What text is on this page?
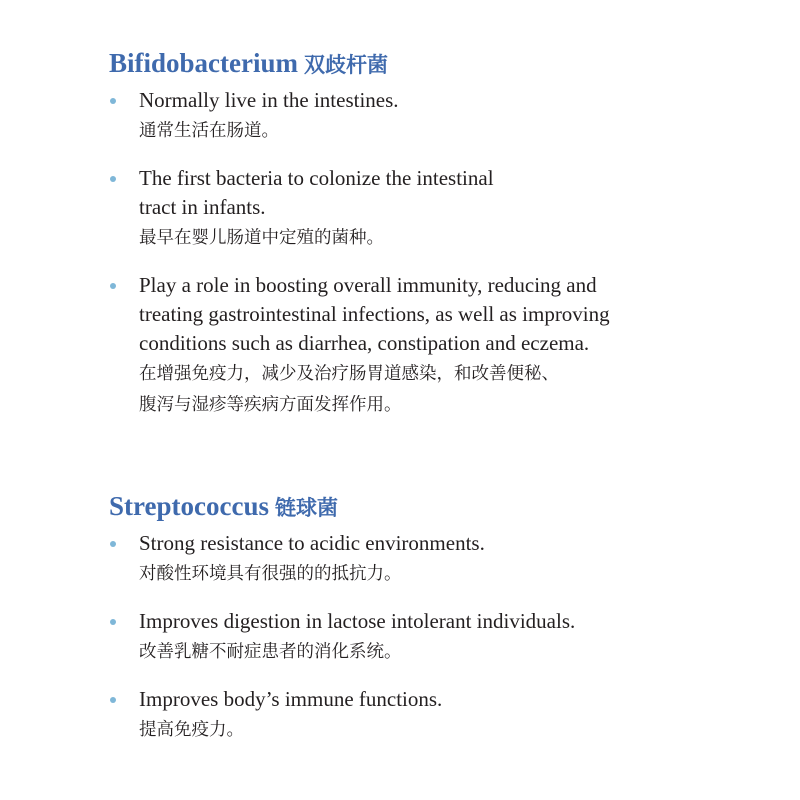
Bifidobacterium 双歧杆菌
Normally live in the intestines.
通常生活在肠道。
The first bacteria to colonize the intestinal
tract in infants.
最早在婴儿肠道中定殖的菌种。
Play a role in boosting overall immunity, reducing and
treating gastrointestinal infections, as well as improving
conditions such as diarrhea, constipation and eczema.
在增强免疫力，减少及治疗肠胃道感染，和改善便秘、
腹泻与湿疹等疾病方面发挥作用。
Streptococcus 链球菌
Strong resistance to acidic environments.
对酸性环境具有很强的的抵抗力。
Improves digestion in lactose intolerant individuals.
改善乳糖不耐症患者的消化系统。
Improves body’s immune functions.
提高免疫力。
